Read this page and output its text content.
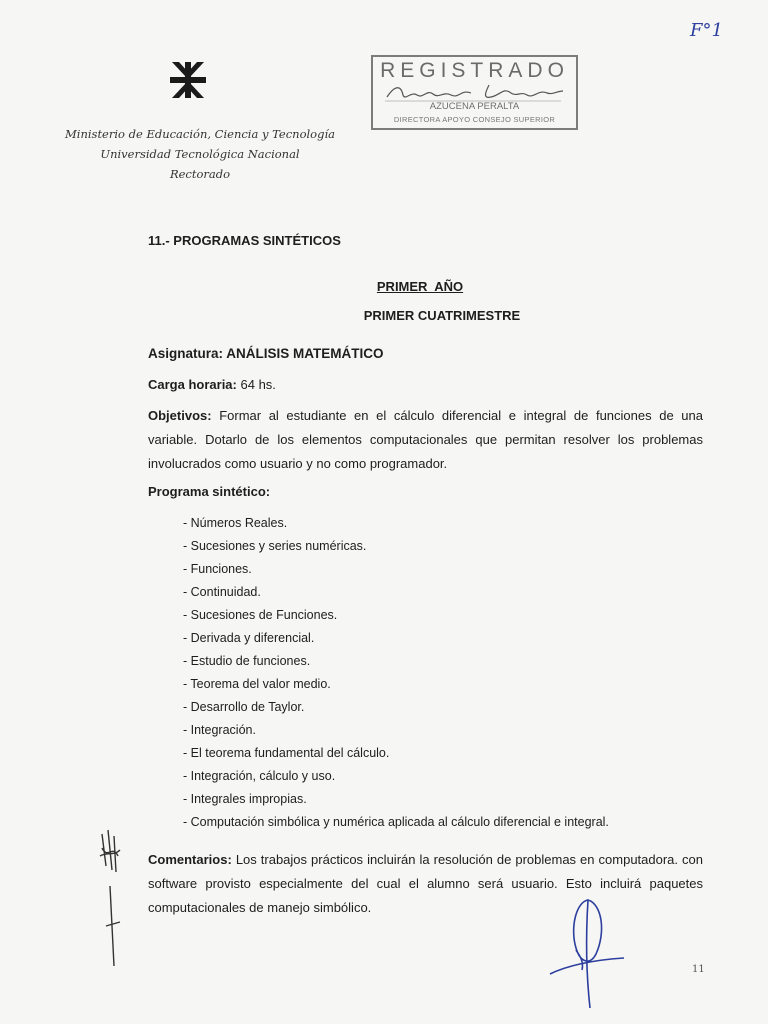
F°1
Ministerio de Educación, Ciencia y Tecnología
Universidad Tecnológica Nacional
Rectorado
REGISTRADO
AZUCENA PERALTA
DIRECTORA APOYO CONSEJO SUPERIOR
11.- PROGRAMAS SINTÉTICOS
PRIMER  AÑO
PRIMER CUATRIMESTRE
Asignatura: ANÁLISIS MATEMÁTICO
Carga horaria: 64 hs.
Objetivos: Formar al estudiante en el cálculo diferencial e integral de funciones de una variable. Dotarlo de los elementos computacionales que permitan resolver los problemas involucrados como usuario y no como programador.
Programa sintético:
- Números Reales.
- Sucesiones y series numéricas.
- Funciones.
- Continuidad.
- Sucesiones de Funciones.
- Derivada y diferencial.
- Estudio de funciones.
- Teorema del valor medio.
- Desarrollo de Taylor.
- Integración.
- El teorema fundamental del cálculo.
- Integración, cálculo y uso.
- Integrales impropias.
- Computación simbólica y numérica aplicada al cálculo diferencial e integral.
Comentarios: Los trabajos prácticos incluirán la resolución de problemas en computadora. con software provisto especialmente del cual el alumno será usuario. Esto incluirá paquetes computacionales de manejo simbólico.
11
